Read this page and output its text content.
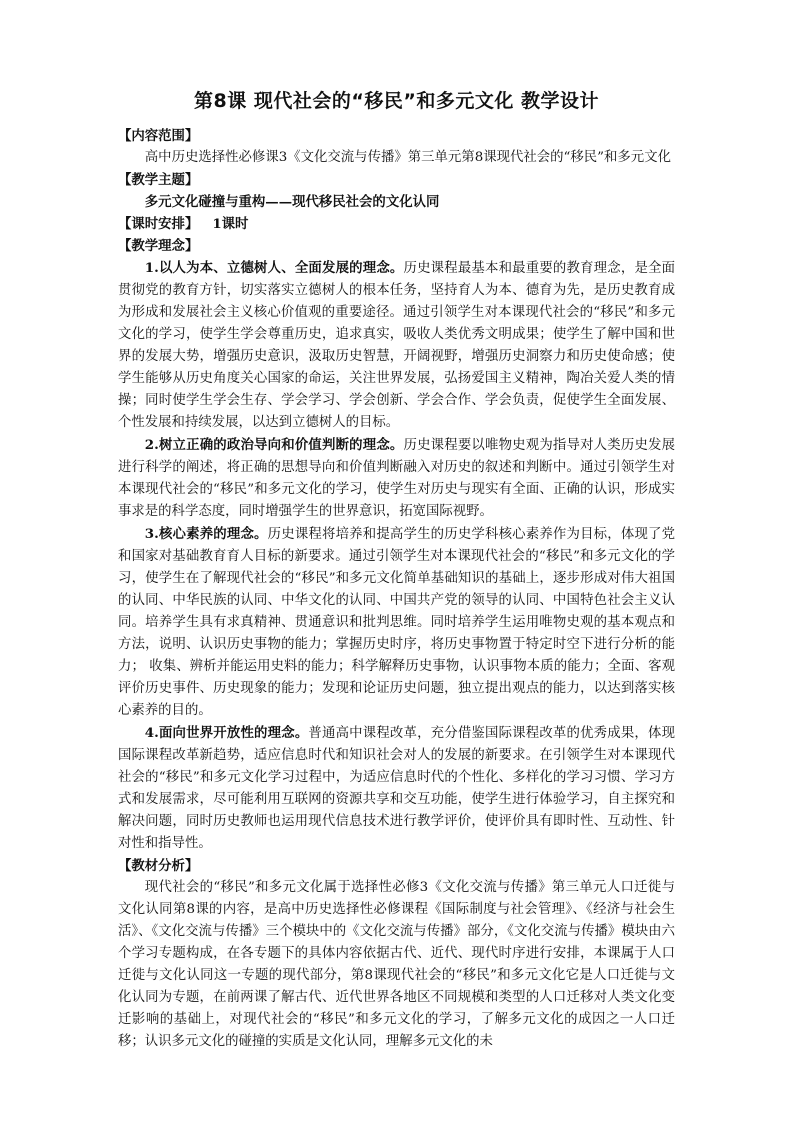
第8课 现代社会的“移民”和多元文化 教学设计
【内容范围】

高中历史选择性必修课3《文化交流与传播》第三单元第8课现代社会的“移民”和多元文化

【教学主题】

多元文化碰撞与重构——现代移民社会的文化认同

【课时安排】 1课时
【教学理念】

1.以人为本、立德树人、全面发展的理念。历史课程最基本和最重要的教育理念，是全面贯彻党的教育方针，切实落实立德树人的根本任务，坚持育人为本、德育为先，是历史教育成为形成和发展社会主义核心价值观的重要途径。通过引领学生对本课现代社会的“移民”和多元文化的学习，使学生学会尊重历史，追求真实，吸收人类优秀文明成果；使学生了解中国和世界的发展大势，增强历史意识，汲取历史智慧，开阔视野，增强历史洞察力和历史使命感；使学生能够从历史角度关心国家的命运，关注世界发展，弘扬爱国主义精神，陶冶关爱人类的情操；同时使学生学会生存、学会学习、学会创新、学会合作、学会负责，促使学生全面发展、个性发展和持续发展，以达到立德树人的目标。

2.树立正确的政治导向和价值判断的理念。历史课程要以唯物史观为指导对人类历史发展进行科学的阐述，将正确的思想导向和价值判断融入对历史的叙述和判断中。通过引领学生对本课现代社会的“移民”和多元文化的学习，使学生对历史与现实有全面、正确的认识，形成实事求是的科学态度，同时增强学生的世界意识，拓宽国际视野。

3.核心素养的理念。历史课程将培养和提高学生的历史学科核心素养作为目标，体现了党和国家对基础教育育人目标的新要求。通过引领学生对本课现代社会的“移民”和多元文化的学习，使学生在了解现代社会的“移民”和多元文化简单基础知识的基础上，逐步形成对伟大祖国的认同、中华民族的认同、中华文化的认同、中国共产党的领导的认同、中国特色社会主义认同。培养学生具有求真精神、贯通意识和批判思维。同时培养学生运用唯物史观的基本观点和方法，说明、认识历史事物的能力；掌握历史时序，将历史事物置于特定时空下进行分析的能力； 收集、辨析并能运用史料的能力；科学解释历史事物，认识事物本质的能力；全面、客观评价历史事件、历史现象的能力；发现和论证历史问题，独立提出观点的能力，以达到落实核心素养的目的。

4.面向世界开放性的理念。普通高中课程改革，充分借鉴国际课程改革的优秀成果，体现国际课程改革新趋势，适应信息时代和知识社会对人的发展的新要求。在引领学生对本课现代社会的“移民”和多元文化学习过程中，为适应信息时代的个性化、多样化的学习习惯、学习方式和发展需求，尽可能利用互联网的资源共享和交互功能，使学生进行体验学习，自主探究和解决问题，同时历史教师也运用现代信息技术进行教学评价，使评价具有即时性、互动性、针对性和指导性。

【教材分析】

现代社会的“移民”和多元文化属于选择性必修3《文化交流与传播》第三单元人口迁徙与文化认同第8课的内容，是高中历史选择性必修课程《国际制度与社会管理》、《经济与社会生活》、《文化交流与传播》三个模块中的《文化交流与传播》部分，《文化交流与传播》模块由六个学习专题构成，在各专题下的具体内容依据古代、近代、现代时序进行安排，本课属于人口迁徙与文化认同这一专题的现代部分，第8课现代社会的“移民”和多元文化它是人口迁徙与文化认同为专题，在前两课了解古代、近代世界各地区不同规模和类型的人口迁移对人类文化变迁影响的基础上，对现代社会的“移民”和多元文化的学习，了解多元文化的成因之一人口迁移；认识多元文化的碰撞的实质是文化认同，理解多元文化的未
